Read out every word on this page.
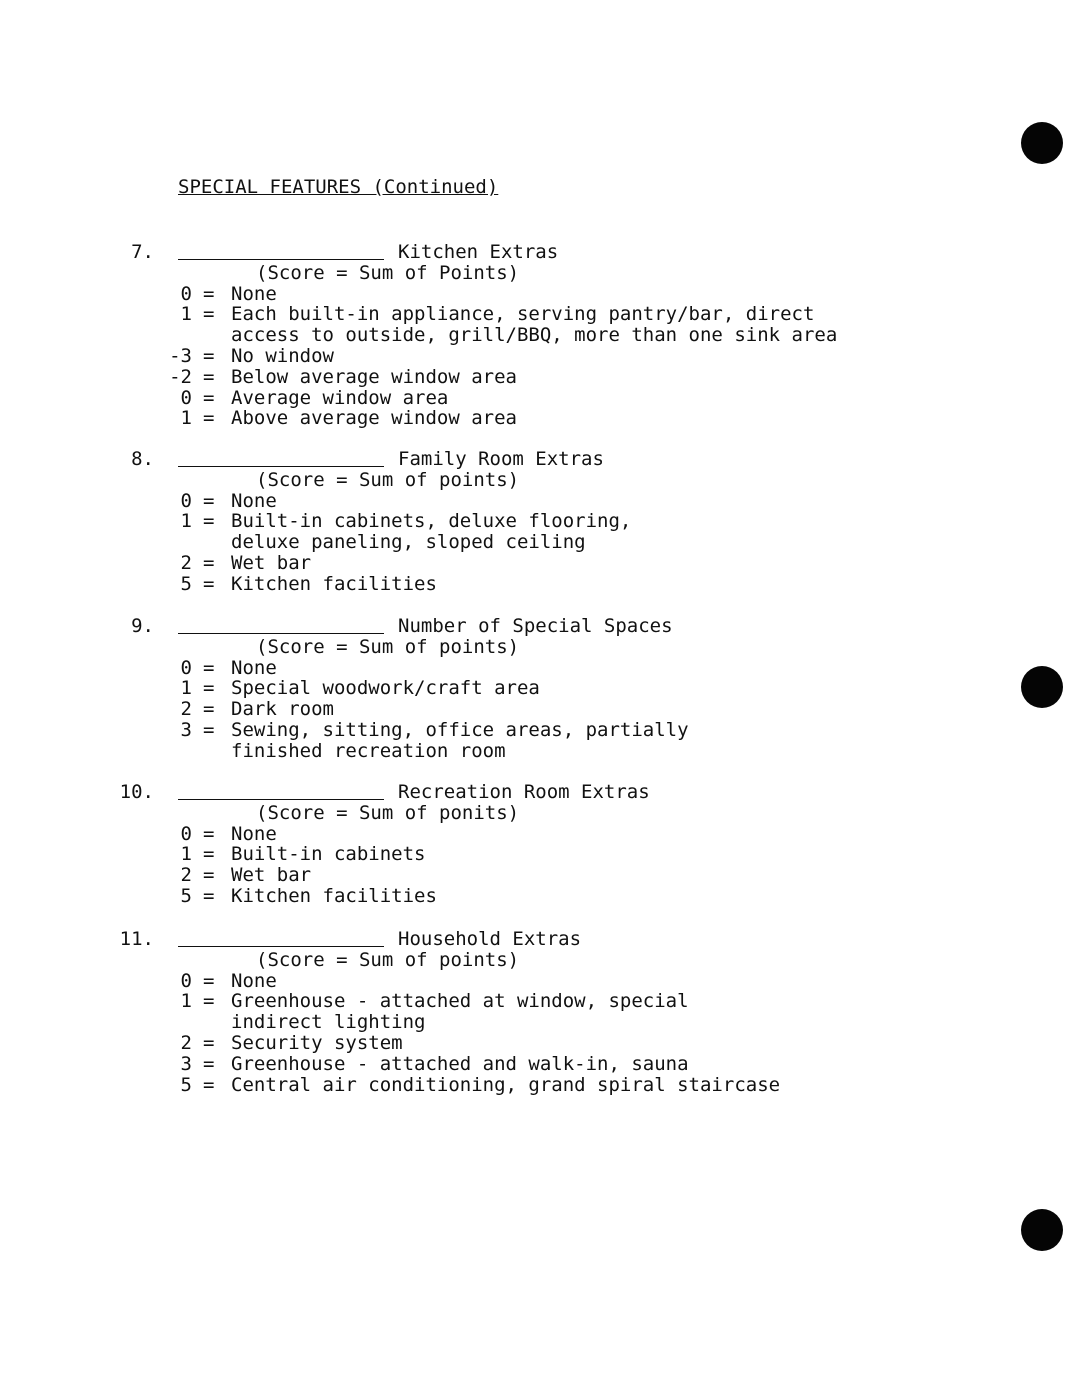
SPECIAL FEATURES (Continued)
7.	Kitchen Extras
(Score = Sum of Points)
0 = None
1 = Each built-in appliance, serving pantry/bar, direct
access to outside, grill/BBQ, more than one sink area
-3 = No window
-2 = Below average window area
0 = Average window area
1 = Above average window area
8.	Family Room Extras
(Score = Sum of points)
0 = None
1 = Built-in cabinets, deluxe flooring,
deluxe paneling, sloped ceiling
2 = Wet bar
5 = Kitchen facilities
9.	Number of Special Spaces
(Score = Sum of points)
0 = None
1 = Special woodwork/craft area
2 = Dark room
3 = Sewing, sitting, office areas, partially
finished recreation room
10.	Recreation Room Extras
(Score = Sum of ponits)
0 = None
1 = Built-in cabinets
2 = Wet bar
5 = Kitchen facilities
11.	Household Extras
(Score = Sum of points)
0 = None
1 = Greenhouse - attached at window, special
indirect lighting
2 = Security system
3 = Greenhouse - attached and walk-in, sauna
5 = Central air conditioning, grand spiral staircase
